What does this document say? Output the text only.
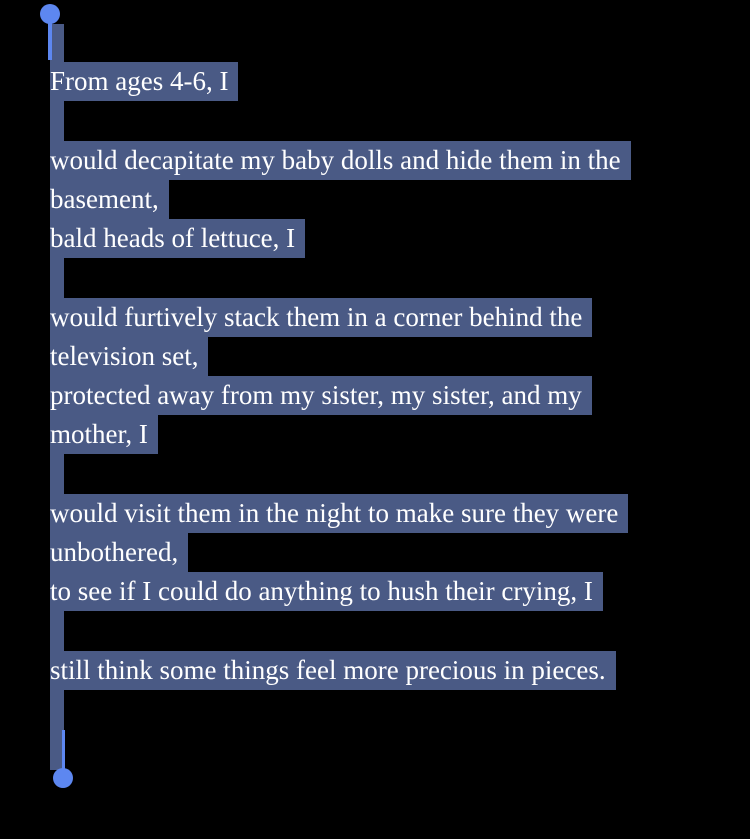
From ages 4-6, I
would decapitate my baby dolls and hide them in the
basement,
bald heads of lettuce, I
would furtively stack them in a corner behind the
television set,
protected away from my sister, my sister, and my
mother, I
would visit them in the night to make sure they were
unbothered,
to see if I could do anything to hush their crying, I
still think some things feel more precious in pieces.
